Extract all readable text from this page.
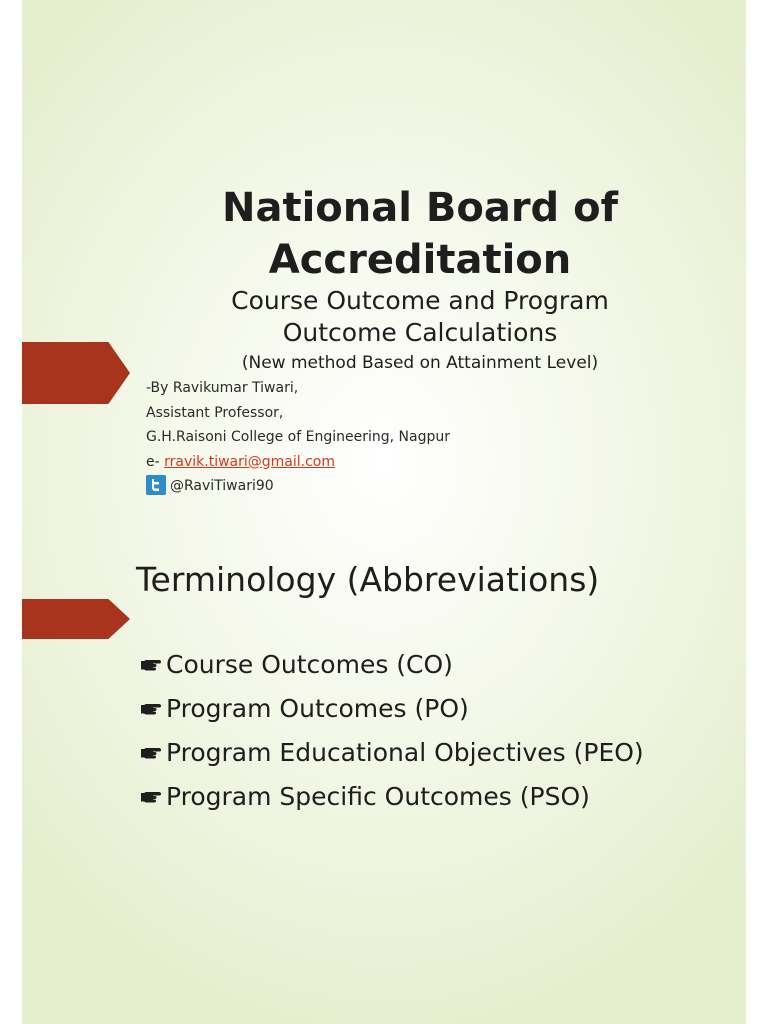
National Board of Accreditation
Course Outcome and Program
Outcome Calculations
(New method Based on Attainment Level)
-By Ravikumar Tiwari,
Assistant Professor,
G.H.Raisoni College of Engineering, Nagpur
e- rravik.tiwari@gmail.com
@RaviTiwari90
Terminology (Abbreviations)
Course Outcomes (CO)
Program Outcomes (PO)
Program Educational Objectives (PEO)
Program Specific Outcomes (PSO)
